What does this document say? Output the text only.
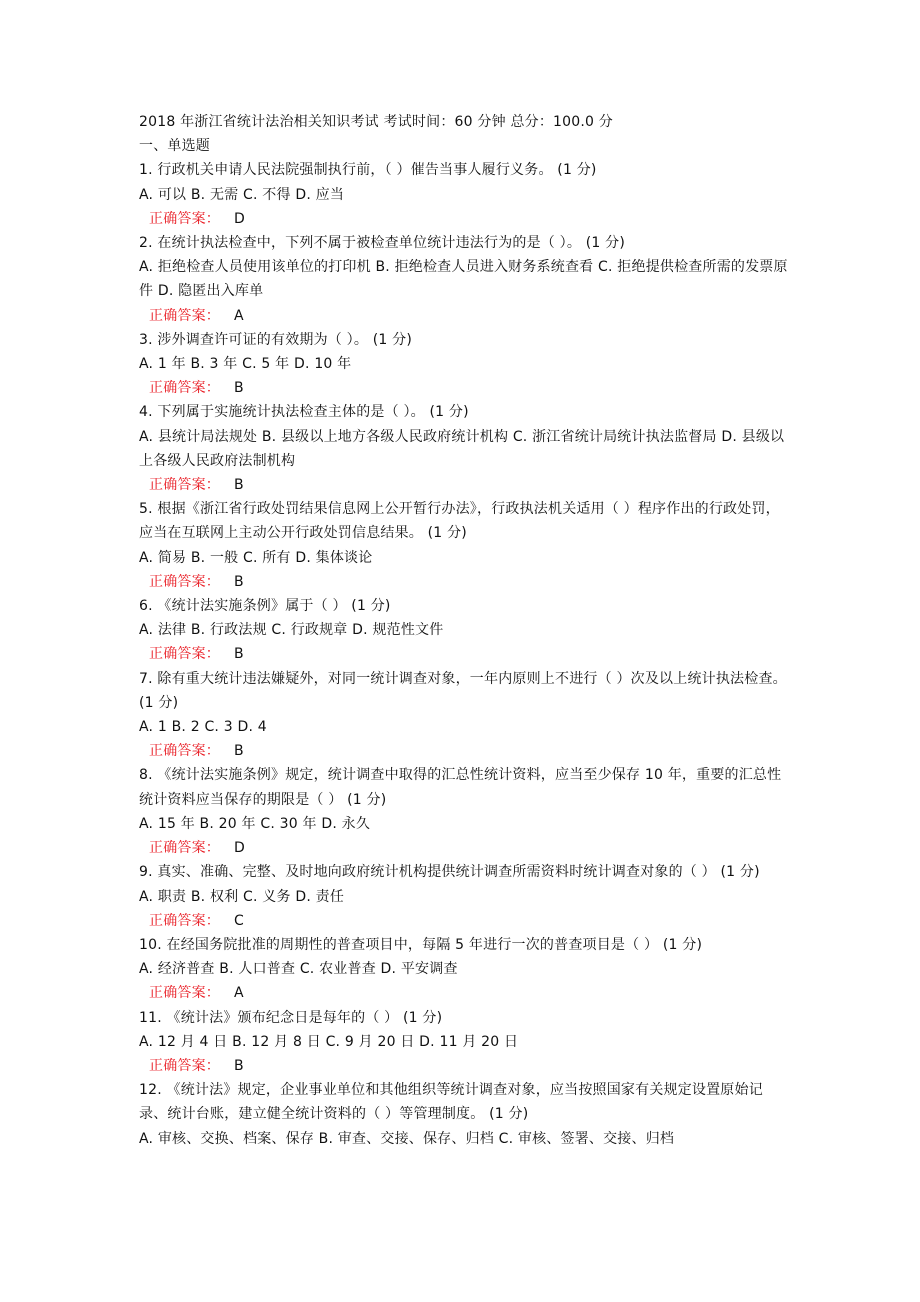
2018 年浙江省统计法治相关知识考试 考试时间：60 分钟 总分：100.0 分
一、单选题
1. 行政机关申请人民法院强制执行前，（ ）催告当事人履行义务。 (1 分)
A. 可以 B. 无需 C. 不得 D. 应当
正确答案： D
2. 在统计执法检查中，下列不属于被检查单位统计违法行为的是（ ）。 (1 分)
A. 拒绝检查人员使用该单位的打印机 B. 拒绝检查人员进入财务系统查看 C. 拒绝提供检查所需的发票原件 D. 隐匿出入库单
正确答案： A
3. 涉外调查许可证的有效期为（ ）。 (1 分)
A. 1 年 B. 3 年 C. 5 年 D. 10 年
正确答案： B
4. 下列属于实施统计执法检查主体的是（ ）。 (1 分)
A. 县统计局法规处 B. 县级以上地方各级人民政府统计机构 C. 浙江省统计局统计执法监督局 D. 县级以上各级人民政府法制机构
正确答案： B
5. 根据《浙江省行政处罚结果信息网上公开暂行办法》，行政执法机关适用（ ）程序作出的行政处罚，应当在互联网上主动公开行政处罚信息结果。 (1 分)
A. 简易 B. 一般 C. 所有 D. 集体谈论
正确答案： B
6. 《统计法实施条例》属于（ ） (1 分)
A. 法律 B. 行政法规 C. 行政规章 D. 规范性文件
正确答案： B
7. 除有重大统计违法嫌疑外，对同一统计调查对象，一年内原则上不进行（ ）次及以上统计执法检查。 (1 分)
A. 1 B. 2 C. 3 D. 4
正确答案： B
8. 《统计法实施条例》规定，统计调查中取得的汇总性统计资料，应当至少保存 10 年，重要的汇总性统计资料应当保存的期限是（ ） (1 分)
A. 15 年 B. 20 年 C. 30 年 D. 永久
正确答案： D
9. 真实、准确、完整、及时地向政府统计机构提供统计调查所需资料时统计调查对象的（ ） (1 分)
A. 职责 B. 权利 C. 义务 D. 责任
正确答案： C
10. 在经国务院批准的周期性的普查项目中，每隔 5 年进行一次的普查项目是（ ） (1 分)
A. 经济普查 B. 人口普查 C. 农业普查 D. 平安调查
正确答案： A
11. 《统计法》颁布纪念日是每年的（ ） (1 分)
A. 12 月 4 日 B. 12 月 8 日 C. 9 月 20 日 D. 11 月 20 日
正确答案： B
12. 《统计法》规定，企业事业单位和其他组织等统计调查对象，应当按照国家有关规定设置原始记录、统计台账，建立健全统计资料的（ ）等管理制度。 (1 分)
A. 审核、交换、档案、保存 B. 审查、交接、保存、归档 C. 审核、签署、交接、归档
